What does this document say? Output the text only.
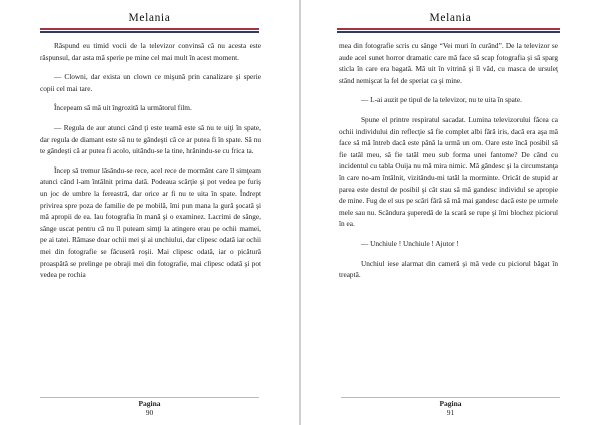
Melania

Răspund eu timid vocii de la televizor convinsă că nu acesta este răspunsul, dar asta mă sperie pe mine cel mai mult în acest moment.

— Clowni, dar exista un clown ce mişună prin canalizare şi sperie copii cel mai tare.

Începeam să mă uit îngrozită la următorul film.

— Regula de aur atunci când ţi este teamă este să nu te uiţi în spate, dar regula de diamant este să nu te gândeşti că ce ar putea fi în spate. Să nu te gândeşti că ar putea fi acolo, uitându-se la tine, hrănindu-se cu frica ta.

Încep să tremur lăsându-se rece, acel rece de mormânt care îl simţeam atunci când l-am întâlnit prima dată. Podeaua scârţie şi pot vedea pe furiş un joc de umbre la fereastră, dar orice ar fi nu te uita în spate. Îndrept privirea spre poza de familie de pe mobilă, îmi pun mana la gură şocată şi mă apropii de ea. Iau fotografia în mană şi o examinez. Lacrimi de sânge, sânge uscat pentru că nu îl puteam simţi la atingere erau pe ochii mamei, pe ai tatei. Rămase doar ochii mei şi ai unchiului, dar clipesc odată iar ochii mei din fotografie se făcuseră roşii. Mai clipesc odată, iar o picătură proaspătă se prelinge pe obraji mei din fotografie, mai clipesc odată şi pot vedea pe rochia

Pagina
90
Melania

mea din fotografie scris cu sânge “Vei muri în curând”. De la televizor se aude acel sunet horror dramatic care mă face să scap fotografia şi să sparg sticla în care era bagată. Mă uit în vitrină şi îl văd, cu masca de ursuleţ stând nemişcat la fel de speriat ca şi mine.

— L-ai auzit pe tipul de la televizor, nu te uita în spate.

Spune el printre respiratul sacadat. Lumina televizorului făcea ca ochii individului din reflecţie să fie complet albi fără iris, dacă era aşa mă face să mă întreb dacă este până la urmă un om. Oare este încă posibil să fie tatăl meu, să fie tatăl meu sub forma unei fantome? De când cu incidentul cu tabla Ouija nu mă mira nimic. Mă gândesc şi la circumstanţa în care no-am întâlnit, vizitându-mi tatăl la morminte. Oricât de stupid ar parea este destul de posibil şi cât stau să mă gandesc individul se apropie de mine. Fug de el sus pe scări fără să mă mai gandesc dacă este pe urmele mele sau nu. Scândura şuperedă de la scară se rupe şi îmi blochez piciorul în ea.

— Unchiule ! Unchiule ! Ajutor !

Unchiul iese alarmat din cameră şi mă vede cu piciorul băgat în treaptă.

Pagina
91
